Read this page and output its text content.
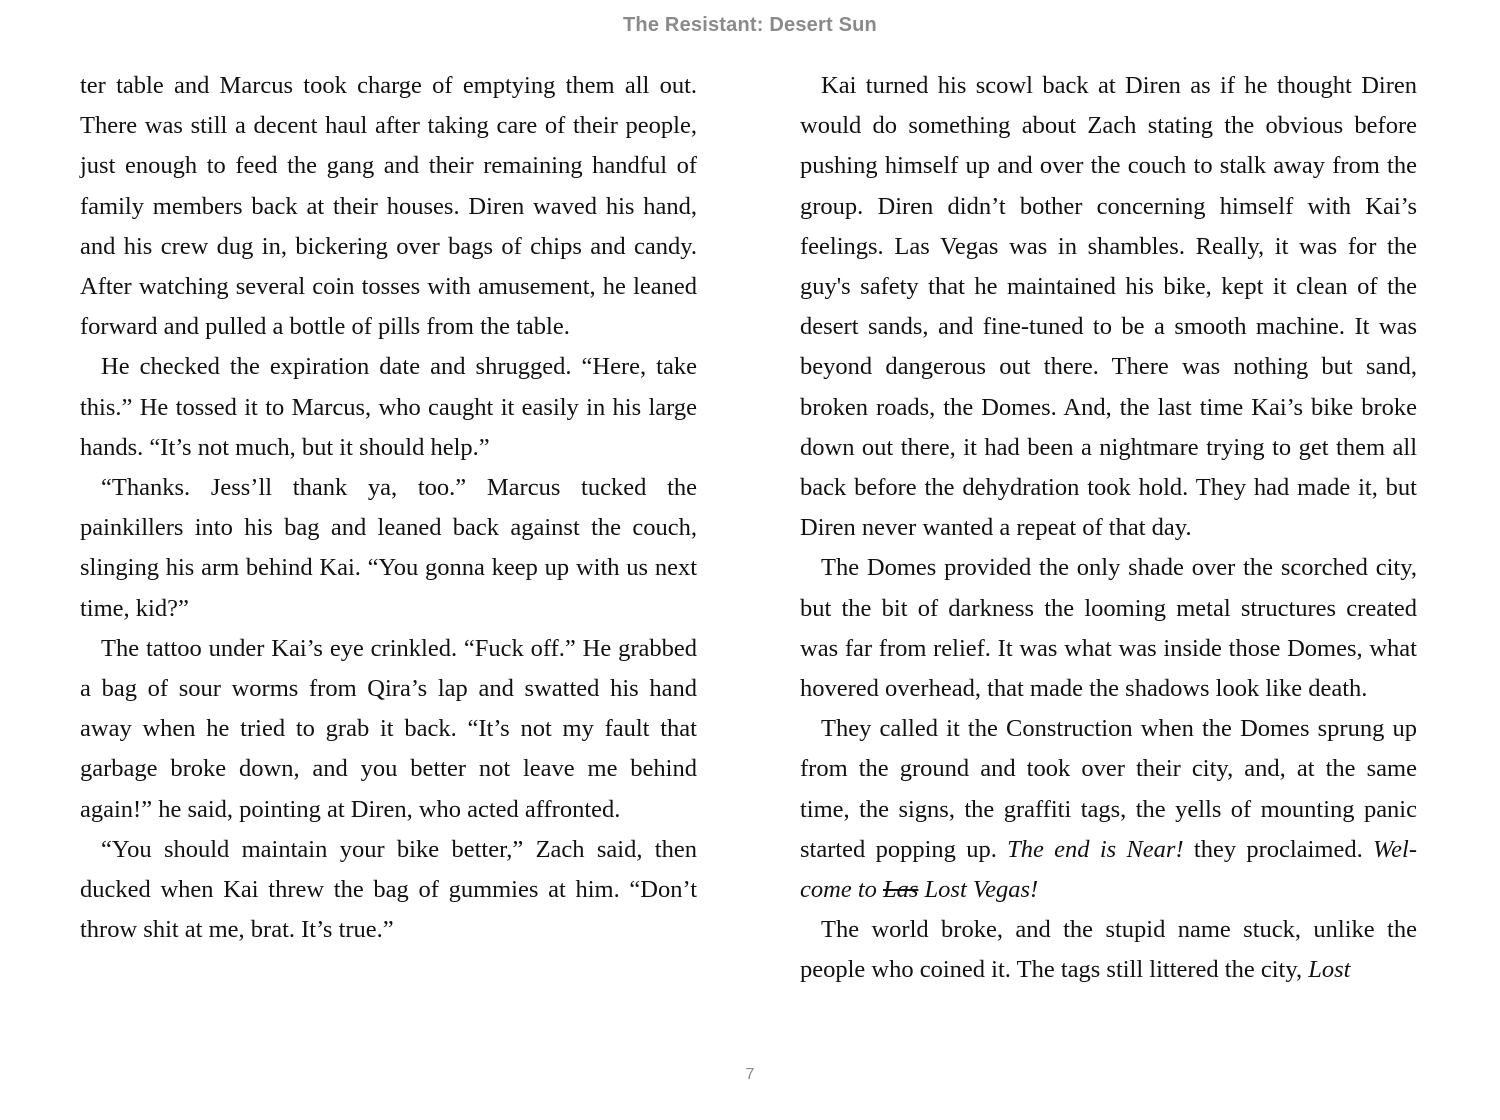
The Resistant: Desert Sun

ter table and Marcus took charge of emptying them all out. There was still a decent haul after taking care of their people, just enough to feed the gang and their remaining handful of family members back at their houses. Diren waved his hand, and his crew dug in, bickering over bags of chips and candy. After watching several coin tosses with amusement, he leaned forward and pulled a bottle of pills from the table.

He checked the expiration date and shrugged. “Here, take this.” He tossed it to Marcus, who caught it easily in his large hands. “It’s not much, but it should help.”

“Thanks. Jess’ll thank ya, too.” Marcus tucked the painkillers into his bag and leaned back against the couch, slinging his arm behind Kai. “You gonna keep up with us next time, kid?”

The tattoo under Kai’s eye crinkled. “Fuck off.” He grabbed a bag of sour worms from Qira’s lap and swatted his hand away when he tried to grab it back. “It’s not my fault that garbage broke down, and you better not leave me behind again!” he said, pointing at Diren, who acted affronted.

“You should maintain your bike better,” Zach said, then ducked when Kai threw the bag of gummies at him. “Don’t throw shit at me, brat. It’s true.”

Kai turned his scowl back at Diren as if he thought Diren would do something about Zach stating the obvious before pushing himself up and over the couch to stalk away from the group. Diren didn’t bother concerning himself with Kai’s feelings. Las Vegas was in shambles. Really, it was for the guy's safety that he maintained his bike, kept it clean of the desert sands, and fine-tuned to be a smooth machine. It was beyond dangerous out there. There was nothing but sand, broken roads, the Domes. And, the last time Kai’s bike broke down out there, it had been a nightmare trying to get them all back before the dehydration took hold. They had made it, but Diren never wanted a repeat of that day.

The Domes provided the only shade over the scorched city, but the bit of darkness the looming metal structures created was far from relief. It was what was inside those Domes, what hovered overhead, that made the shadows look like death.

They called it the Construction when the Domes sprung up from the ground and took over their city, and, at the same time, the signs, the graffiti tags, the yells of mounting panic started popping up. The end is Near! they proclaimed. Welcome to Las Lost Vegas!

The world broke, and the stupid name stuck, unlike the people who coined it. The tags still littered the city, Lost

7
